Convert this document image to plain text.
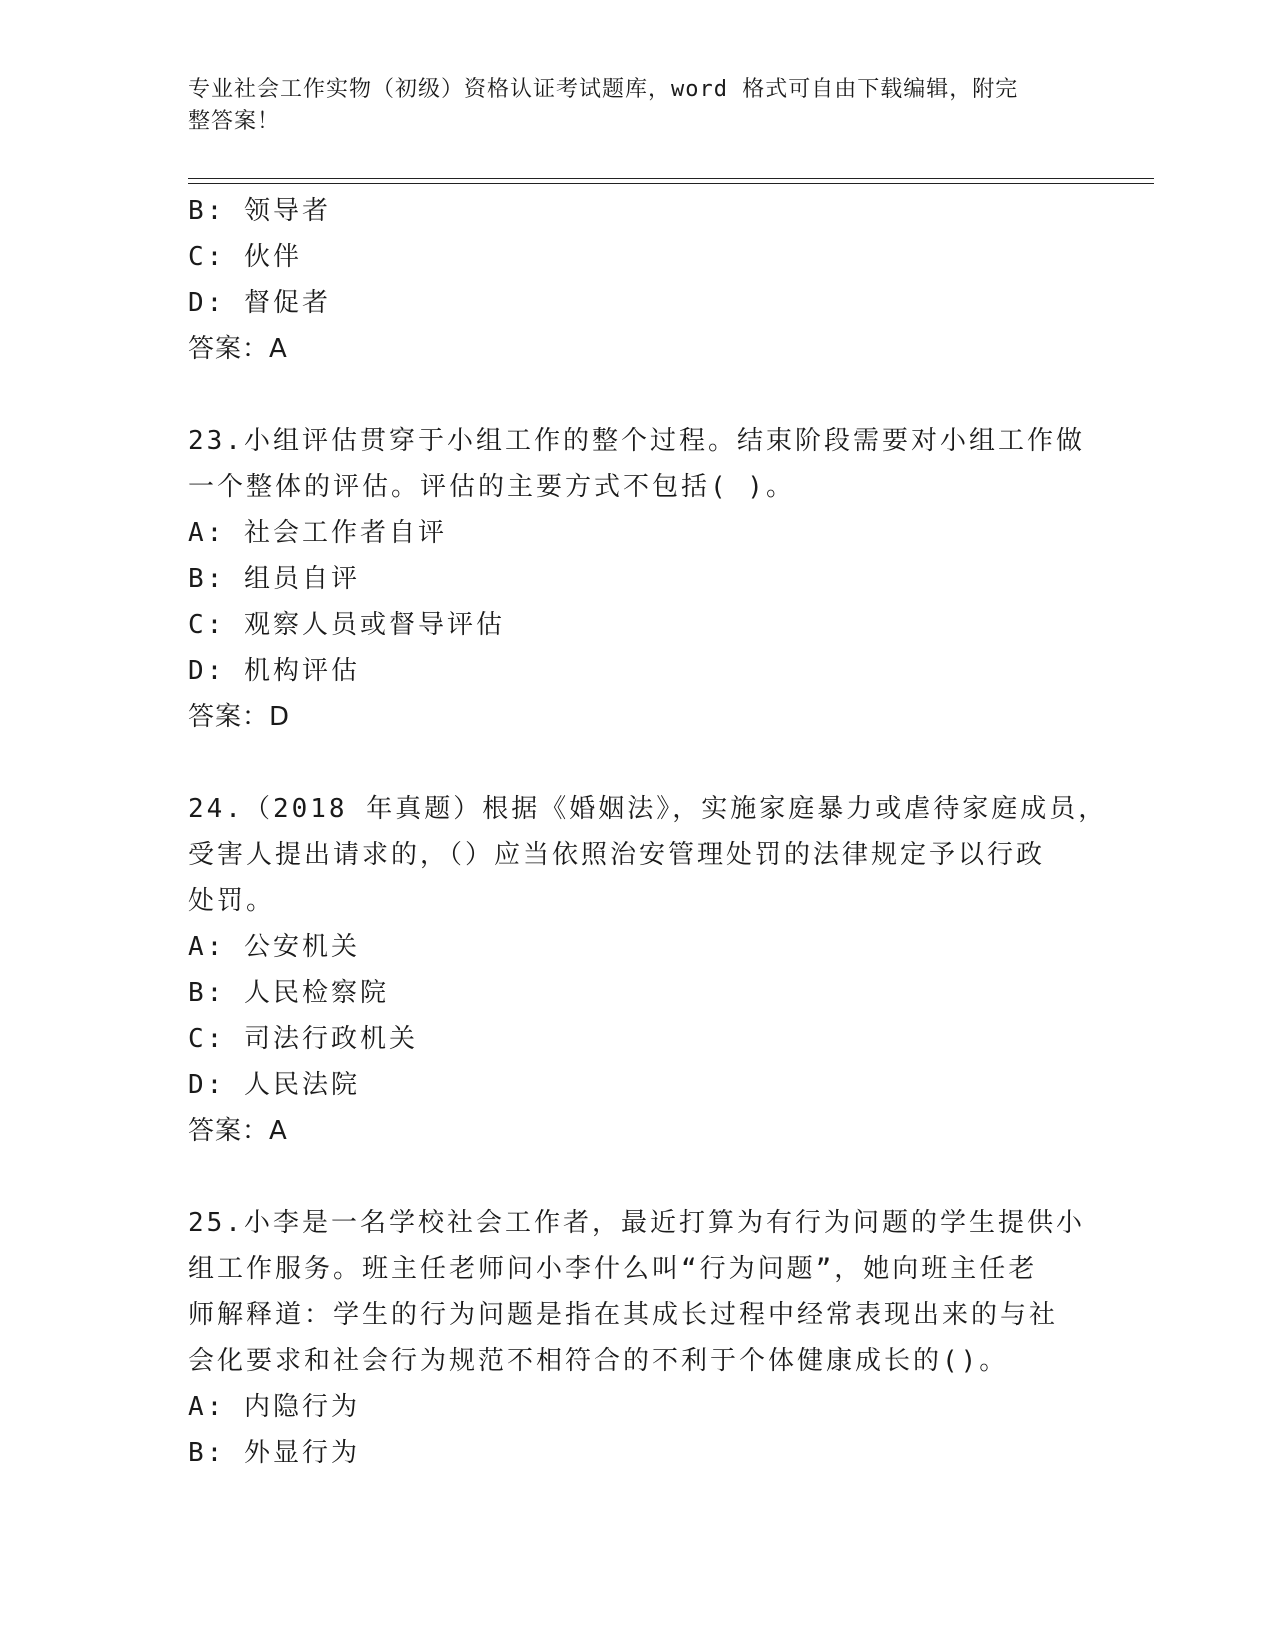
专业社会工作实物（初级）资格认证考试题库，word 格式可自由下载编辑，附完
整答案！
B: 领导者
C: 伙伴
D: 督促者
答案：A
23.小组评估贯穿于小组工作的整个过程。结束阶段需要对小组工作做
一个整体的评估。评估的主要方式不包括( )。
A: 社会工作者自评
B: 组员自评
C: 观察人员或督导评估
D: 机构评估
答案：D
24.（2018 年真题）根据《婚姻法》，实施家庭暴力或虐待家庭成员，
受害人提出请求的，（）应当依照治安管理处罚的法律规定予以行政
处罚。
A: 公安机关
B: 人民检察院
C: 司法行政机关
D: 人民法院
答案：A
25.小李是一名学校社会工作者，最近打算为有行为问题的学生提供小
组工作服务。班主任老师问小李什么叫“行为问题”，她向班主任老
师解释道：学生的行为问题是指在其成长过程中经常表现出来的与社
会化要求和社会行为规范不相符合的不利于个体健康成长的()。
A: 内隐行为
B: 外显行为
